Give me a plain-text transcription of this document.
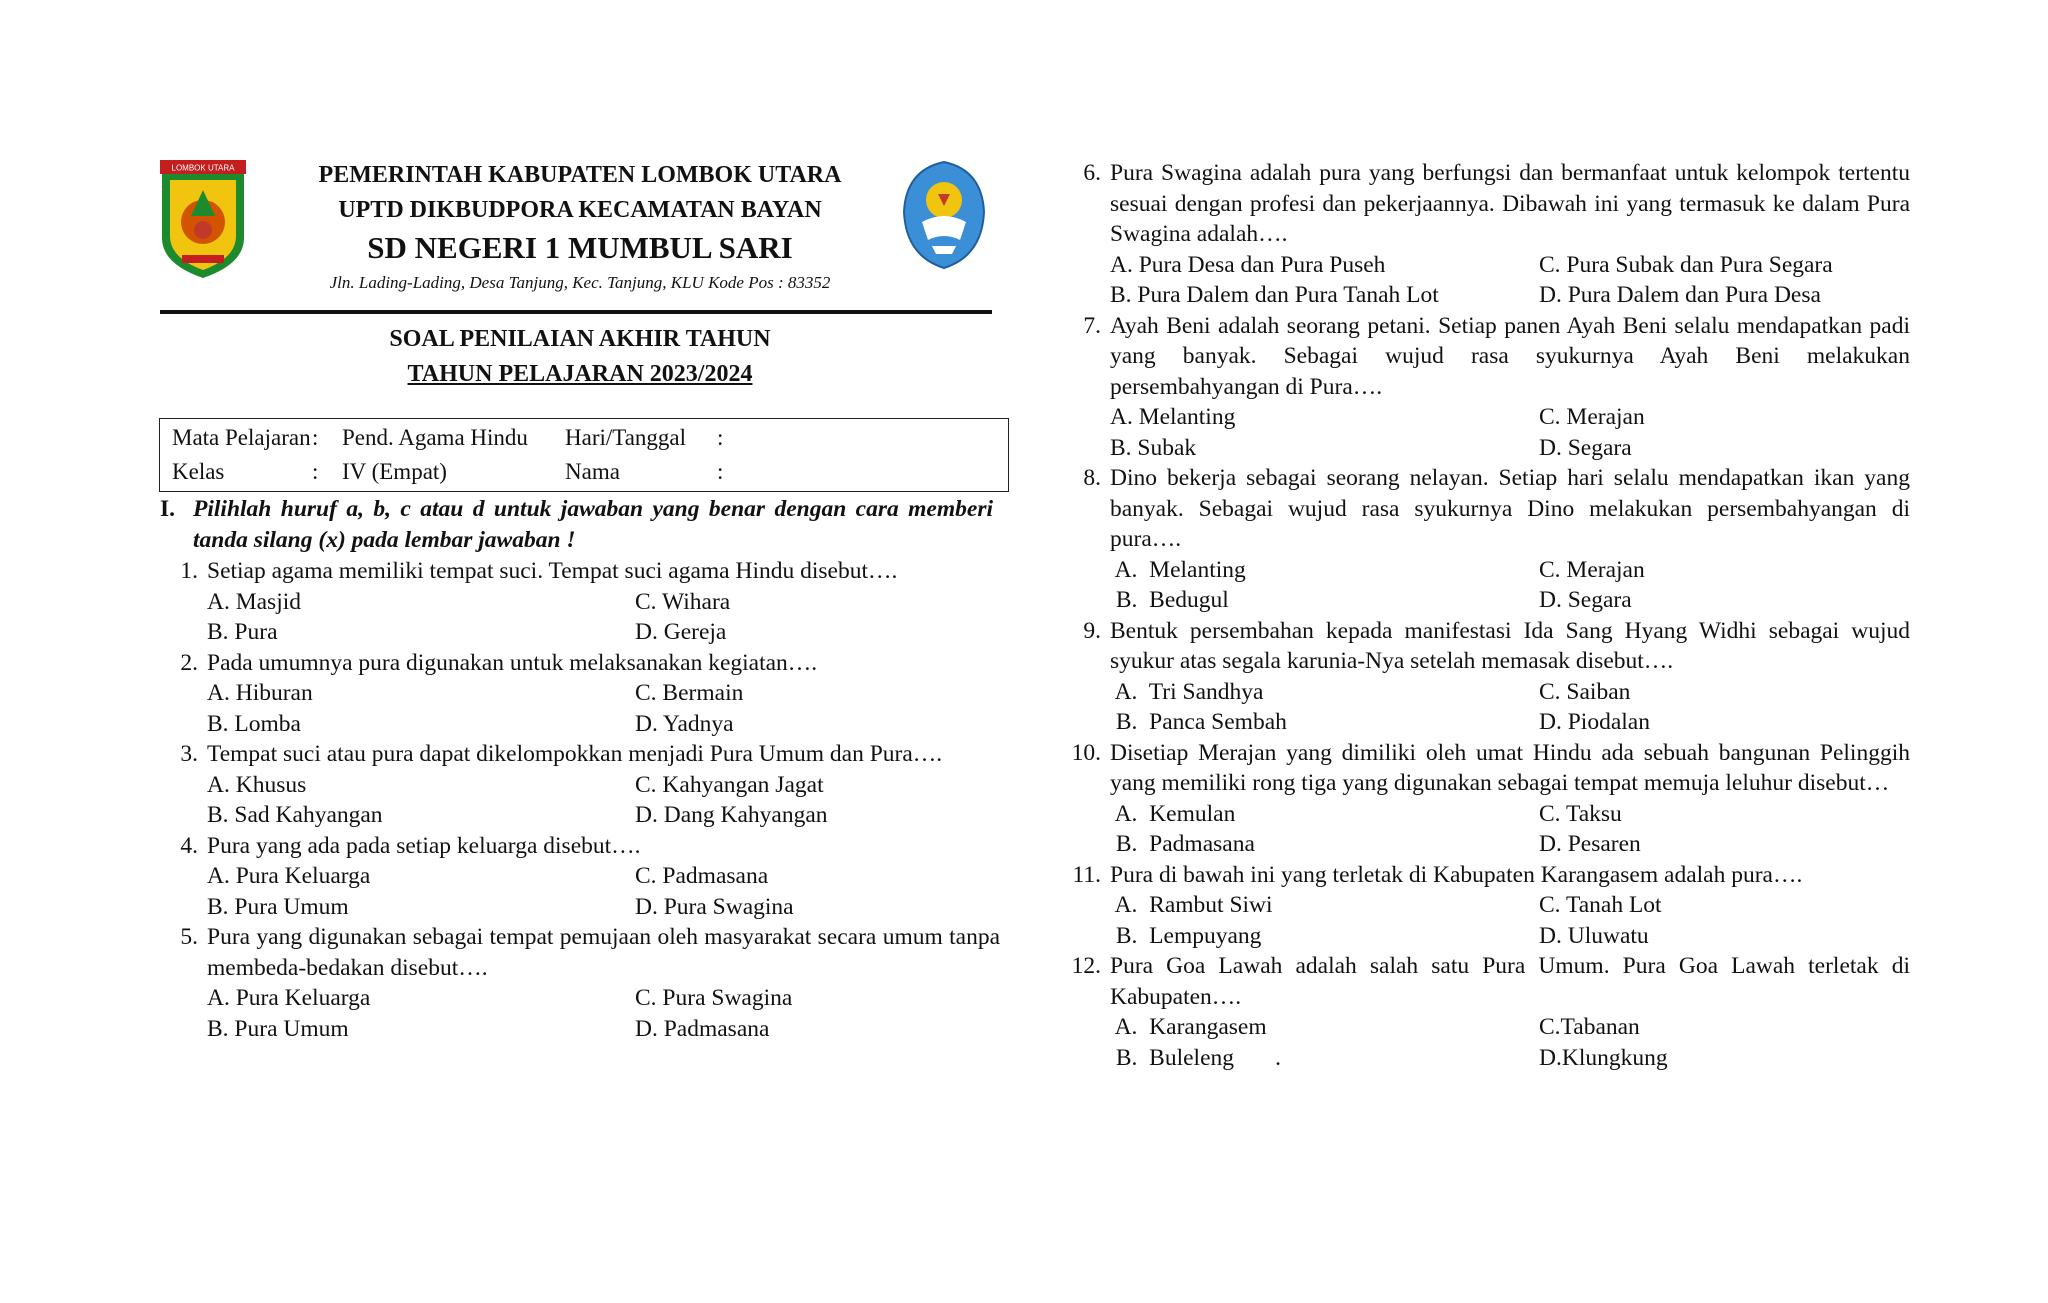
LOMBOK UTARA	PEMERINTAH KABUPATEN LOMBOK UTARA
UPTD DIKBUDPORA KECAMATAN BAYAN
SD NEGERI 1 MUMBUL SARI
Jln. Lading-Lading, Desa Tanjung, Kec. Tanjung, KLU Kode Pos : 83352
SOAL PENILAIAN AKHIR TAHUN
TAHUN PELAJARAN 2023/2024
Mata Pelajaran :	Pend. Agama Hindu	Hari/Tanggal	:
Kelas	:	IV (Empat)	Nama	:
I. Pilihlah huruf a, b, c atau d untuk jawaban yang benar dengan cara memberi tanda silang (x) pada lembar jawaban !
1. Setiap agama memiliki tempat suci. Tempat suci agama Hindu disebut….
A. Masjid	C. Wihara
B. Pura	D. Gereja
2. Pada umumnya pura digunakan untuk melaksanakan kegiatan….
A. Hiburan	C. Bermain
B. Lomba	D. Yadnya
3. Tempat suci atau pura dapat dikelompokkan menjadi Pura Umum dan Pura….
A. Khusus	C. Kahyangan Jagat
B. Sad Kahyangan	D. Dang Kahyangan
4. Pura yang ada pada setiap keluarga disebut….
A. Pura Keluarga	C. Padmasana
B. Pura Umum	D. Pura Swagina
5. Pura yang digunakan sebagai tempat pemujaan oleh masyarakat secara umum tanpa membeda-bedakan disebut….
A. Pura Keluarga	C. Pura Swagina
B. Pura Umum	D. Padmasana
6. Pura Swagina adalah pura yang berfungsi dan bermanfaat untuk kelompok tertentu sesuai dengan profesi dan pekerjaannya. Dibawah ini yang termasuk ke dalam Pura Swagina adalah….
A. Pura Desa dan Pura Puseh	C. Pura Subak dan Pura Segara
B. Pura Dalem dan Pura Tanah Lot	D. Pura Dalem dan Pura Desa
7. Ayah Beni adalah seorang petani. Setiap panen Ayah Beni selalu mendapatkan padi yang banyak. Sebagai wujud rasa syukurnya Ayah Beni melakukan persembahyangan di Pura….
A. Melanting	C. Merajan
B. Subak	D. Segara
8. Dino bekerja sebagai seorang nelayan. Setiap hari selalu mendapatkan ikan yang banyak. Sebagai wujud rasa syukurnya Dino melakukan persembahyangan di pura….
A.  Melanting	C. Merajan
B.  Bedugul	D. Segara
9. Bentuk persembahan kepada manifestasi Ida Sang Hyang Widhi sebagai wujud syukur atas segala karunia-Nya setelah memasak disebut….
A.  Tri Sandhya	C. Saiban
B.  Panca Sembah	D. Piodalan
10. Disetiap Merajan yang dimiliki oleh umat Hindu ada sebuah bangunan Pelinggih yang memiliki rong tiga yang digunakan sebagai tempat memuja leluhur disebut…
A.  Kemulan	C. Taksu
B.  Padmasana	D. Pesaren
11. Pura di bawah ini yang terletak di Kabupaten Karangasem adalah pura….
A.  Rambut Siwi	C. Tanah Lot
B.  Lempuyang	D. Uluwatu
12. Pura Goa Lawah adalah salah satu Pura Umum. Pura Goa Lawah terletak di Kabupaten….
A.  Karangasem	C.Tabanan
B.  Buleleng       .	D.Klungkung
